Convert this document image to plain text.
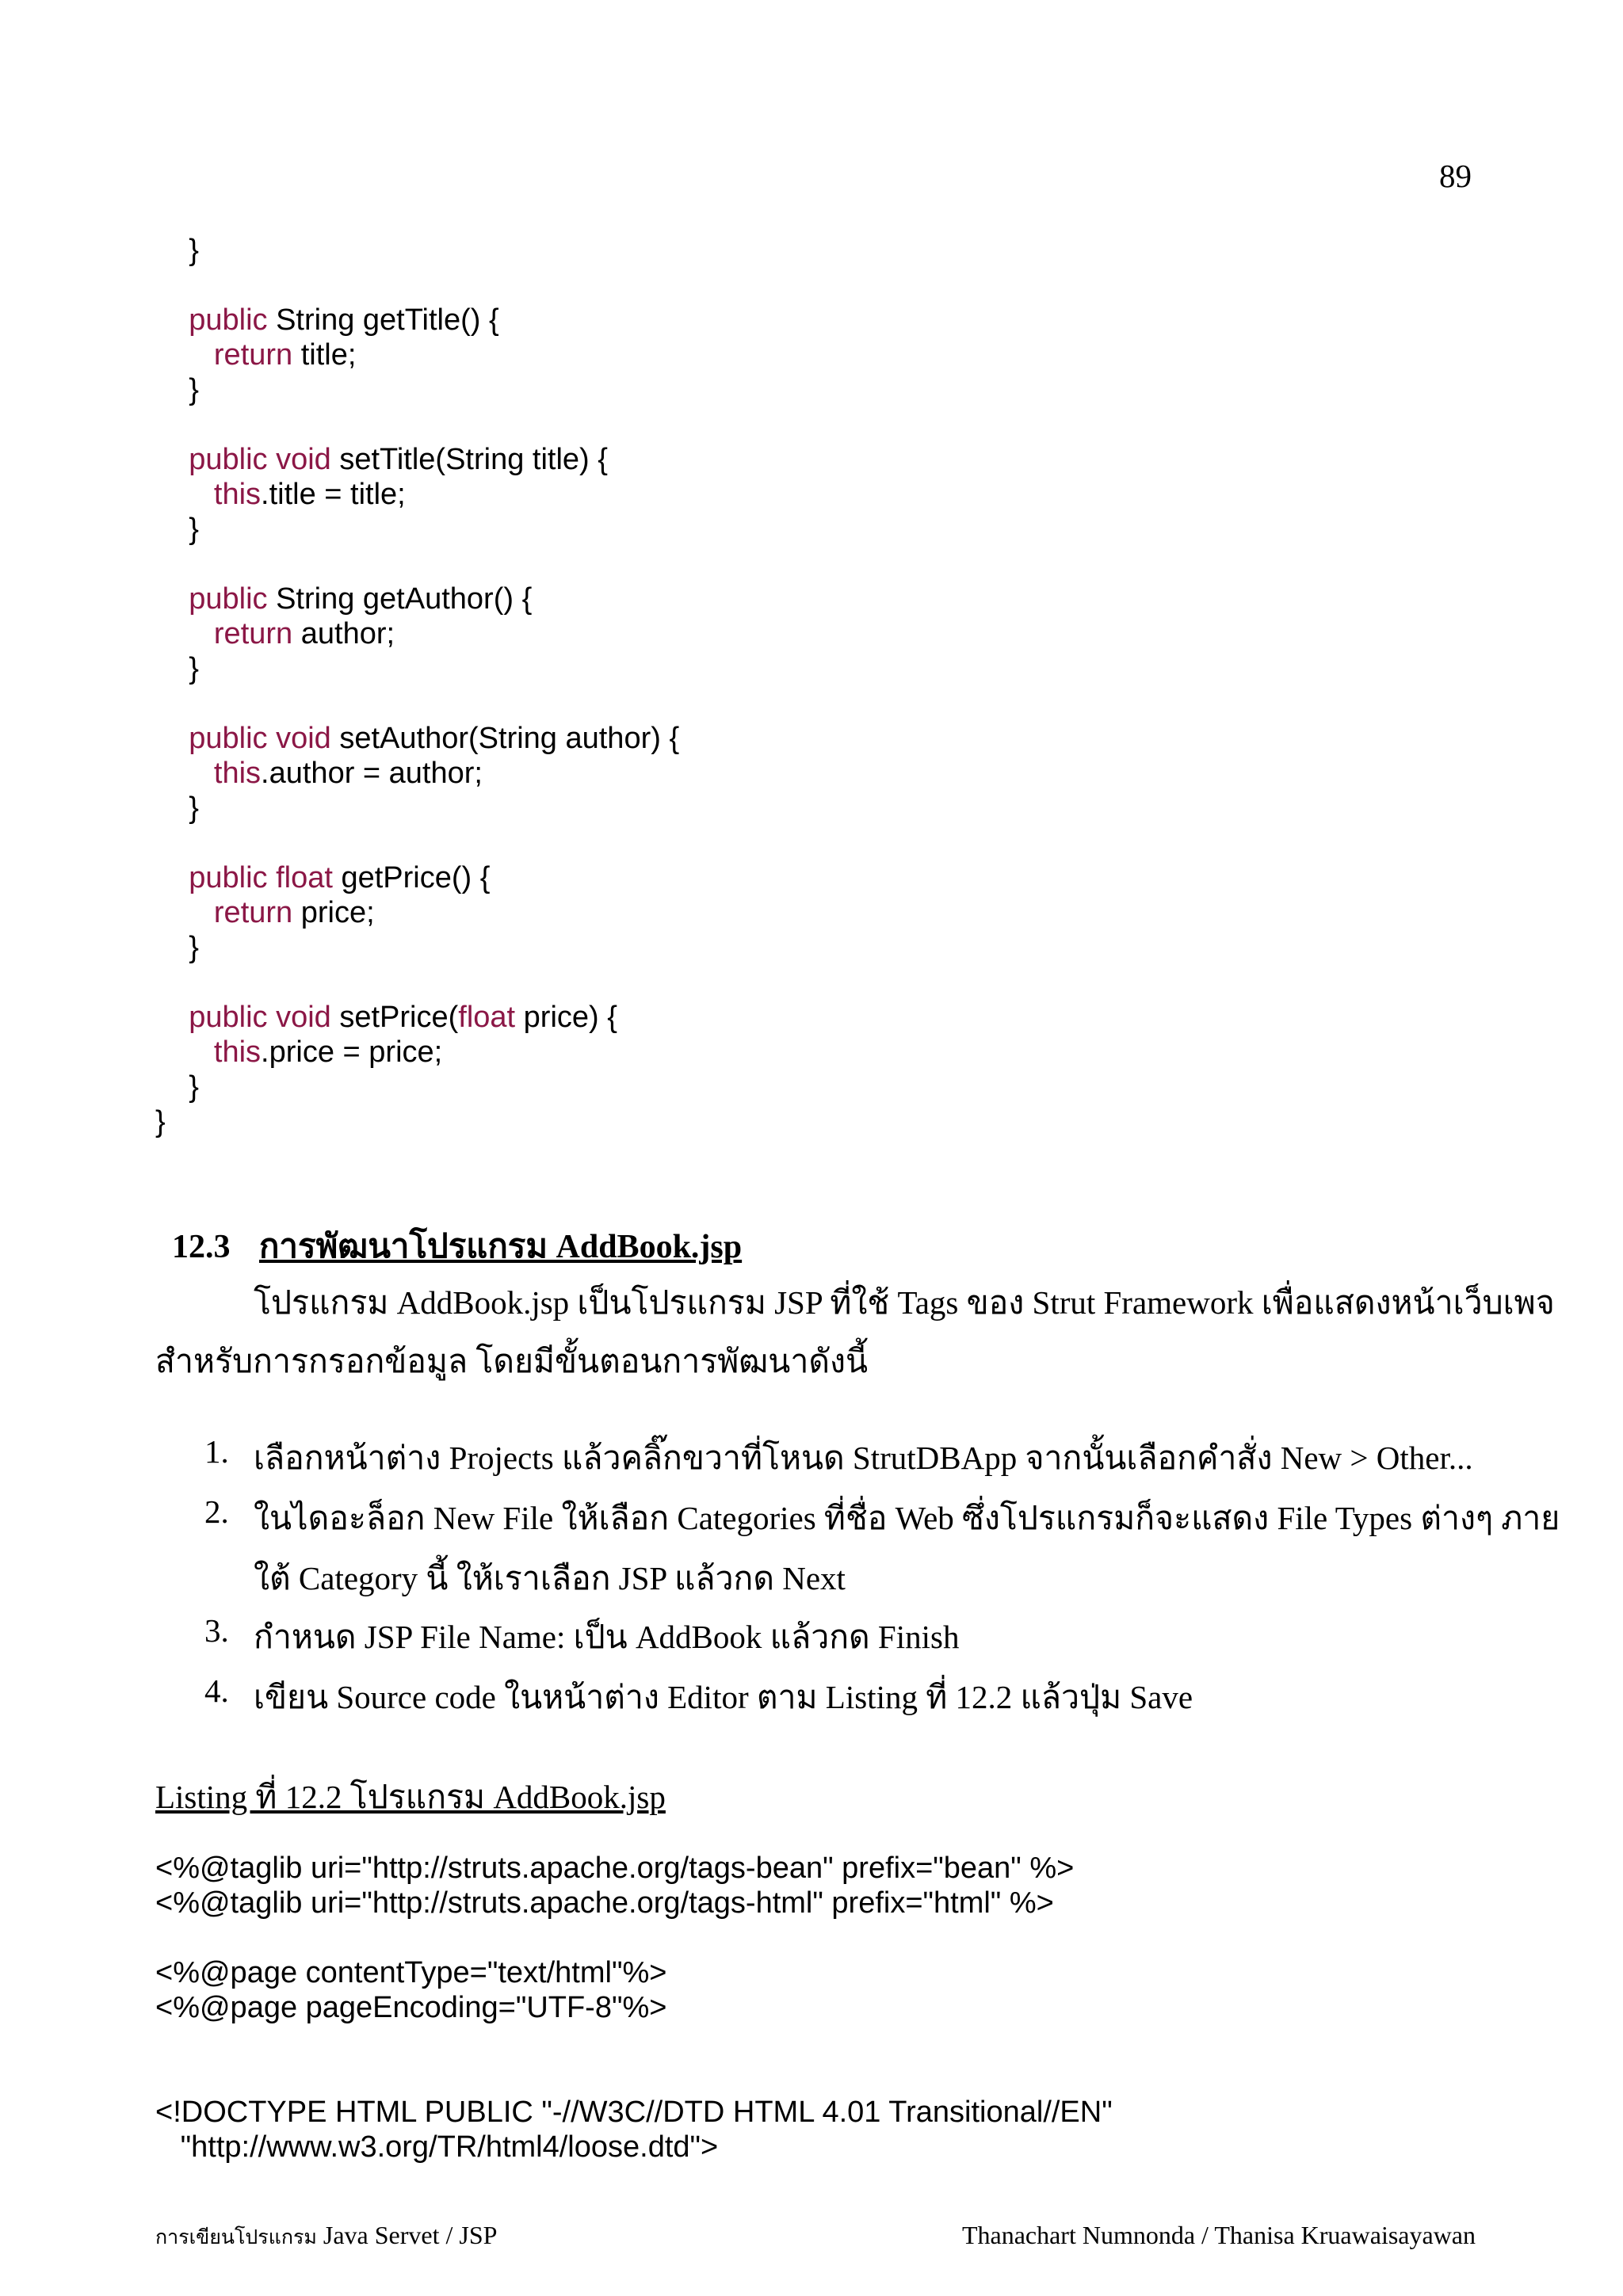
89
}

public String getTitle() {
return title;
}

public void setTitle(String title) {
this.title = title;
}

public String getAuthor() {
return author;
}

public void setAuthor(String author) {
this.author = author;
}

public float getPrice() {
return price;
}

public void setPrice(float price) {
this.price = price;
}
}

12.3 การพัฒนาโปรแกรม AddBook.jsp

โปรแกรม AddBook.jsp เป็นโปรแกรม JSP ที่ใช้ Tags ของ Strut Framework เพื่อแสดงหน้าเว็บเพจ
สำหรับการกรอกข้อมูล โดยมีขั้นตอนการพัฒนาดังนี้
1. เลือกหน้าต่าง Projects แล้วคลิ๊กขวาที่โหนด StrutDBApp จากนั้นเลือกคำสั่ง New > Other...
2. ในไดอะล็อก New File ให้เลือก Categories ที่ชื่อ Web ซึ่งโปรแกรมก็จะแสดง File Types ต่างๆ ภาย
ใต้ Category นี้ ให้เราเลือก JSP แล้วกด Next
3. กำหนด JSP File Name: เป็น AddBook แล้วกด Finish
4. เขียน Source code ในหน้าต่าง Editor ตาม Listing ที่ 12.2 แล้วปุ่ม Save
Listing ที่ 12.2 โปรแกรม AddBook.jsp
<%@taglib uri="http://struts.apache.org/tags-bean" prefix="bean" %>
<%@taglib uri="http://struts.apache.org/tags-html" prefix="html" %>

<%@page contentType="text/html"%>
<%@page pageEncoding="UTF-8"%>

<!DOCTYPE HTML PUBLIC "-//W3C//DTD HTML 4.01 Transitional//EN"
"http://www.w3.org/TR/html4/loose.dtd">
การเขียนโปรแกรม Java Servet / JSP	Thanachart Numnonda / Thanisa Kruawaisayawan
